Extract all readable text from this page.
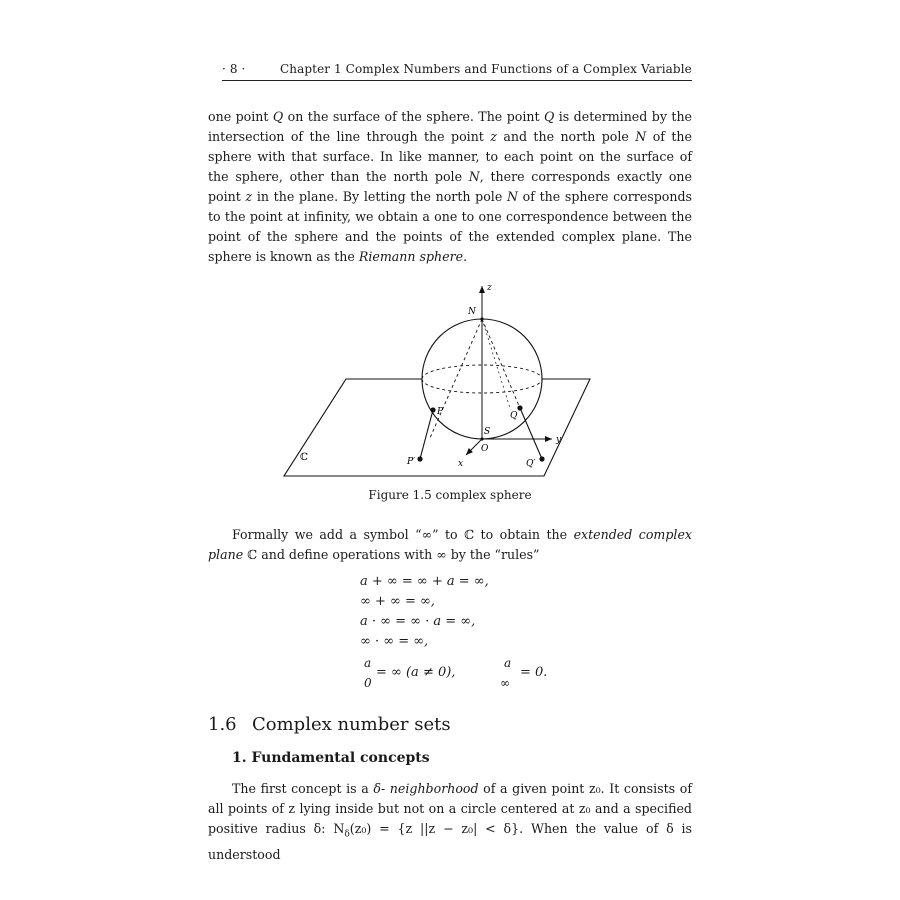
· 8 ·	Chapter 1 Complex Numbers and Functions of a Complex Variable
one point Q on the surface of the sphere. The point Q is determined by the intersection of the line through the point z and the north pole N of the sphere with that surface. In like manner, to each point on the surface of the sphere, other than the north pole N, there corresponds exactly one point z in the plane. By letting the north pole N of the sphere corresponds to the point at infinity, we obtain a one to one correspondence between the point of the sphere and the points of the extended complex plane. The sphere is known as the Riemann sphere.
z
N
P	Q
S
O
y
x
P′	Q′
ℂ
Figure 1.5 complex sphere
Formally we add a symbol “∞” to ℂ to obtain the extended complex plane ℂ and define operations with ∞ by the “rules”
a + ∞ = ∞ + a = ∞,
∞ + ∞ = ∞,
a · ∞ = ∞ · a = ∞,
∞ · ∞ = ∞,
a
0
= ∞ (a ≠ 0),
a
∞
= 0.
1.6 Complex number sets
1. Fundamental concepts
The first concept is a δ- neighborhood of a given point z₀. It consists of all points of z lying inside but not on a circle centered at z₀ and a specified positive radius δ: $N_\delta(z_0) = \{z$ ||z − z₀| < δ}. When the value of δ is understood
